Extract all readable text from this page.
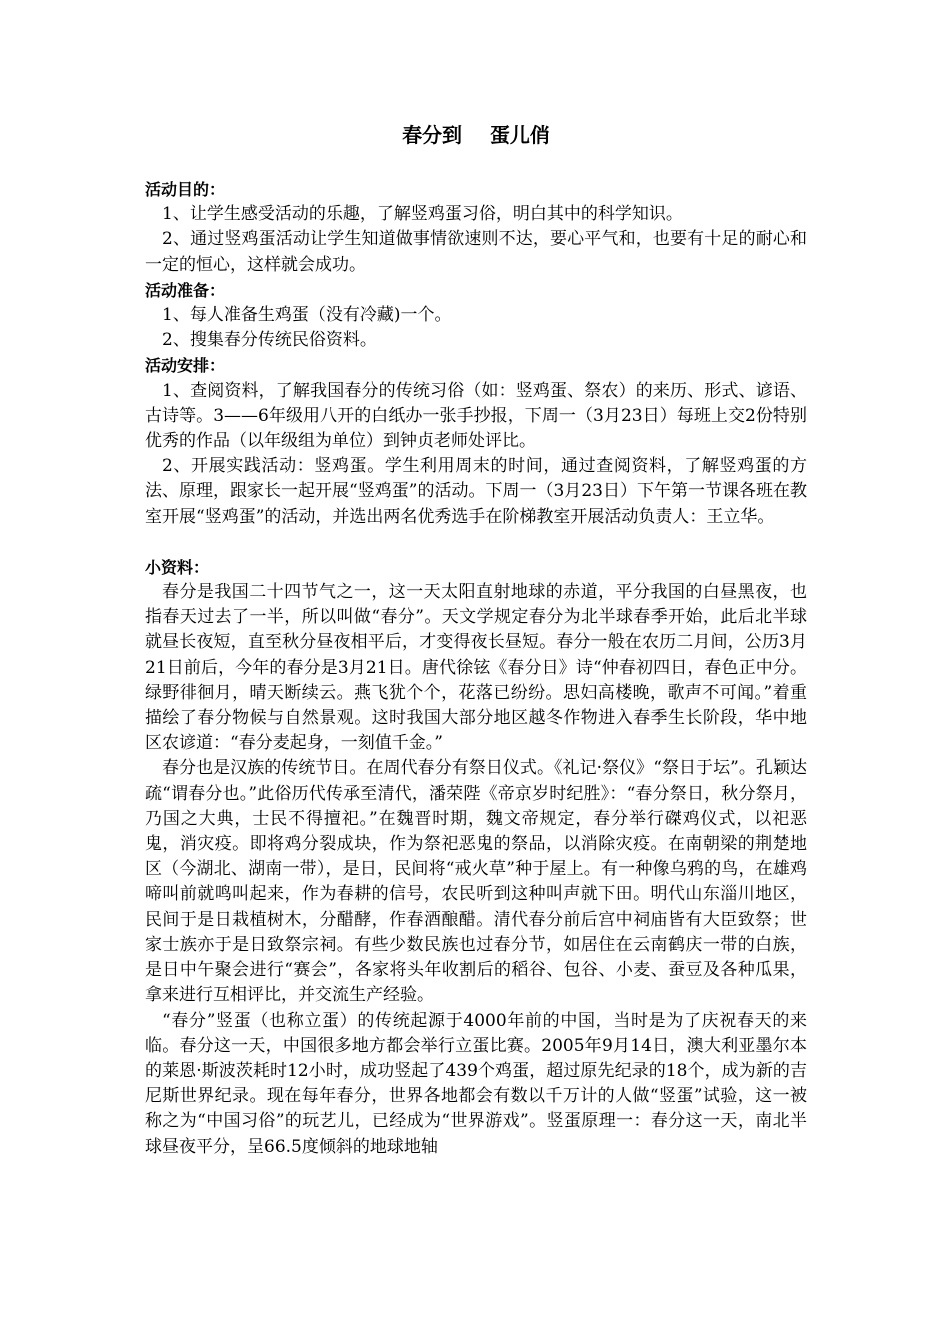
春分到    蛋儿俏
活动目的：

1、让学生感受活动的乐趣，了解竖鸡蛋习俗，明白其中的科学知识。

2、通过竖鸡蛋活动让学生知道做事情欲速则不达，要心平气和，也要有十足的耐心和一定的恒心，这样就会成功。

活动准备：

1、每人准备生鸡蛋（没有冷藏)一个。

2、搜集春分传统民俗资料。

活动安排：

1、查阅资料，了解我国春分的传统习俗（如：竖鸡蛋、祭农）的来历、形式、谚语、古诗等。3——6年级用八开的白纸办一张手抄报，下周一（3月23日）每班上交2份特别优秀的作品（以年级组为单位）到钟贞老师处评比。

2、开展实践活动：竖鸡蛋。学生利用周末的时间，通过查阅资料，了解竖鸡蛋的方法、原理，跟家长一起开展“竖鸡蛋”的活动。下周一（3月23日）下午第一节课各班在教室开展“竖鸡蛋”的活动，并选出两名优秀选手在阶梯教室开展活动负责人：王立华。

小资料：

春分是我国二十四节气之一，这一天太阳直射地球的赤道，平分我国的白昼黑夜，也指春天过去了一半，所以叫做“春分”。天文学规定春分为北半球春季开始，此后北半球就昼长夜短，直至秋分昼夜相平后，才变得夜长昼短。春分一般在农历二月间，公历3月21日前后，今年的春分是3月21日。唐代徐铉《春分日》诗“仲春初四日，春色正中分。绿野徘徊月，晴天断续云。燕飞犹个个，花落已纷纷。思妇高楼晚，歌声不可闻。”着重描绘了春分物候与自然景观。这时我国大部分地区越冬作物进入春季生长阶段，华中地区农谚道：“春分麦起身，一刻值千金。”

春分也是汉族的传统节日。在周代春分有祭日仪式。《礼记·祭仪》“祭日于坛”。孔颖达疏“谓春分也。”此俗历代传承至清代，潘荣陛《帝京岁时纪胜》：“春分祭日，秋分祭月，乃国之大典，士民不得擅祀。”在魏晋时期，魏文帝规定，春分举行磔鸡仪式，以祀恶鬼，消灾疫。即将鸡分裂成块，作为祭祀恶鬼的祭品，以消除灾疫。在南朝梁的荆楚地区（今湖北、湖南一带），是日，民间将“戒火草”种于屋上。有一种像乌鸦的鸟，在雄鸡啼叫前就鸣叫起来，作为春耕的信号，农民听到这种叫声就下田。明代山东淄川地区，民间于是日栽植树木，分醋酵，作春酒酿醋。清代春分前后宫中祠庙皆有大臣致祭；世家士族亦于是日致祭宗祠。有些少数民族也过春分节，如居住在云南鹤庆一带的白族，是日中午聚会进行“赛会”，各家将头年收割后的稻谷、包谷、小麦、蚕豆及各种瓜果，拿来进行互相评比，并交流生产经验。

“春分”竖蛋（也称立蛋）的传统起源于4000年前的中国，当时是为了庆祝春天的来临。春分这一天，中国很多地方都会举行立蛋比赛。2005年9月14日，澳大利亚墨尔本的莱恩·斯波茨耗时12小时，成功竖起了439个鸡蛋，超过原先纪录的18个，成为新的吉尼斯世界纪录。现在每年春分，世界各地都会有数以千万计的人做“竖蛋”试验，这一被称之为“中国习俗”的玩艺儿，已经成为“世界游戏”。竖蛋原理一：春分这一天，南北半球昼夜平分，呈66.5度倾斜的地球地轴
